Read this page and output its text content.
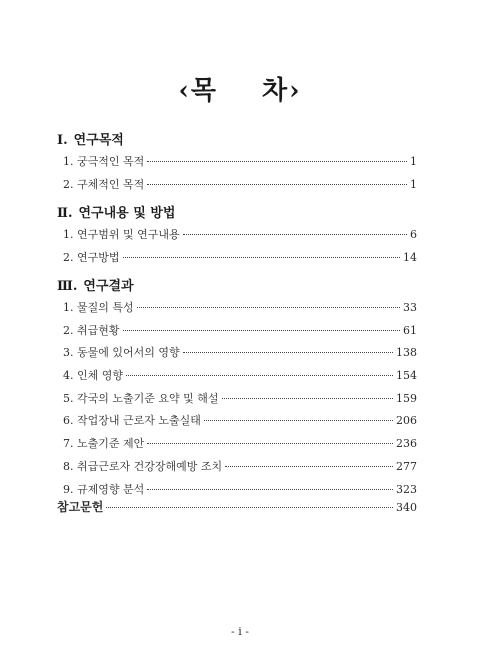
‹목 차›
Ⅰ. 연구목적
1. 궁극적인 목적	1
2. 구체적인 목적	1
Ⅱ. 연구내용 및 방법
1. 연구범위 및 연구내용	6
2. 연구방법	14
Ⅲ. 연구결과
1. 물질의 특성	33
2. 취급현황	61
3. 동물에 있어서의 영향	138
4. 인체 영향	154
5. 각국의 노출기준 요약 및 해설	159
6. 작업장내 근로자 노출실태	206
7. 노출기준 제안	236
8. 취급근로자 건강장해예방 조치	277
9. 규제영향 분석	323
참고문헌	340
- i -
